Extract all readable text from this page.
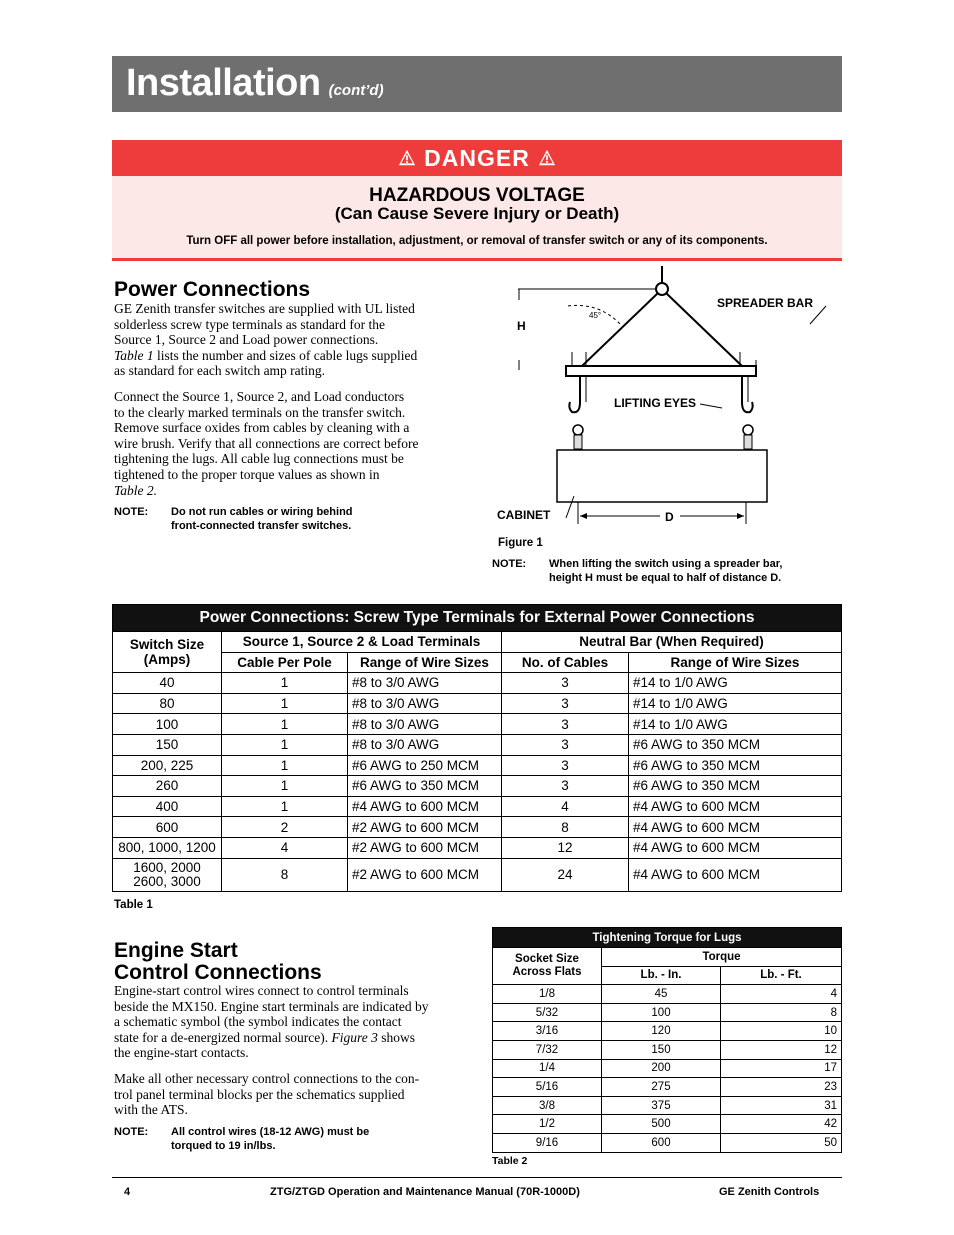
Installation (cont’d)
DANGER
HAZARDOUS VOLTAGE
(Can Cause Severe Injury or Death)
Turn OFF all power before installation, adjustment, or removal of transfer switch or any of its components.
Power Connections
GE Zenith transfer switches are supplied with UL listed
solderless screw type terminals as standard for the
Source 1, Source 2 and Load power connections.
Table 1 lists the number and sizes of cable lugs supplied
as standard for each switch amp rating.
Connect the Source 1, Source 2, and Load conductors
to the clearly marked terminals on the transfer switch.
Remove surface oxides from cables by cleaning with a
wire brush. Verify that all connections are correct before
tightening the lugs. All cable lug connections must be
tightened to the proper torque values as shown in
Table 2.
NOTE: Do not run cables or wiring behind
front-connected transfer switches.
SPREADER BAR
H
45°
LIFTING EYES
CABINET	D
Figure 1
NOTE: When lifting the switch using a spreader bar,
height H must be equal to half of distance D.
Power Connections: Screw Type Terminals for External Power Connections				

Switch Size
(Amps)	Source 1, Source 2 & Load Terminals		Neutral Bar (When Required)	
	Cable Per Pole	Range of Wire Sizes	No. of Cables	Range of Wire Sizes
40	1	#8 to 3/0 AWG	3	#14 to 1/0 AWG
80	1	#8 to 3/0 AWG	3	#14 to 1/0 AWG
100	1	#8 to 3/0 AWG	3	#14 to 1/0 AWG
150	1	#8 to 3/0 AWG	3	#6 AWG to 350 MCM
200, 225	1	#6 AWG to 250 MCM	3	#6 AWG to 350 MCM
260	1	#6 AWG to 350 MCM	3	#6 AWG to 350 MCM
400	1	#4 AWG to 600 MCM	4	#4 AWG to 600 MCM
600	2	#2 AWG to 600 MCM	8	#4 AWG to 600 MCM
800, 1000, 1200	4	#2 AWG to 600 MCM	12	#4 AWG to 600 MCM

1600, 2000
2600, 3000	8	#2 AWG to 600 MCM	24	#4 AWG to 600 MCM
Table 1
Engine Start
Control Connections
Engine-start control wires connect to control terminals
beside the MX150. Engine start terminals are indicated by
a schematic symbol (the symbol indicates the contact
state for a de-energized normal source). Figure 3 shows
the engine-start contacts.
Make all other necessary control connections to the con-
trol panel terminal blocks per the schematics supplied
with the ATS.
NOTE: All control wires (18-12 AWG) must be
torqued to 19 in/lbs.
Tightening Torque for Lugs		

Socket Size
Across Flats	Torque	
	Lb. - In.	Lb. - Ft.
1/8	45	4
5/32	100	8
3/16	120	10
7/32	150	12
1/4	200	17
5/16	275	23
3/8	375	31
1/2	500	42
9/16	600	50
Table 2
4	ZTG/ZTGD Operation and Maintenance Manual (70R-1000D)	GE Zenith Controls
